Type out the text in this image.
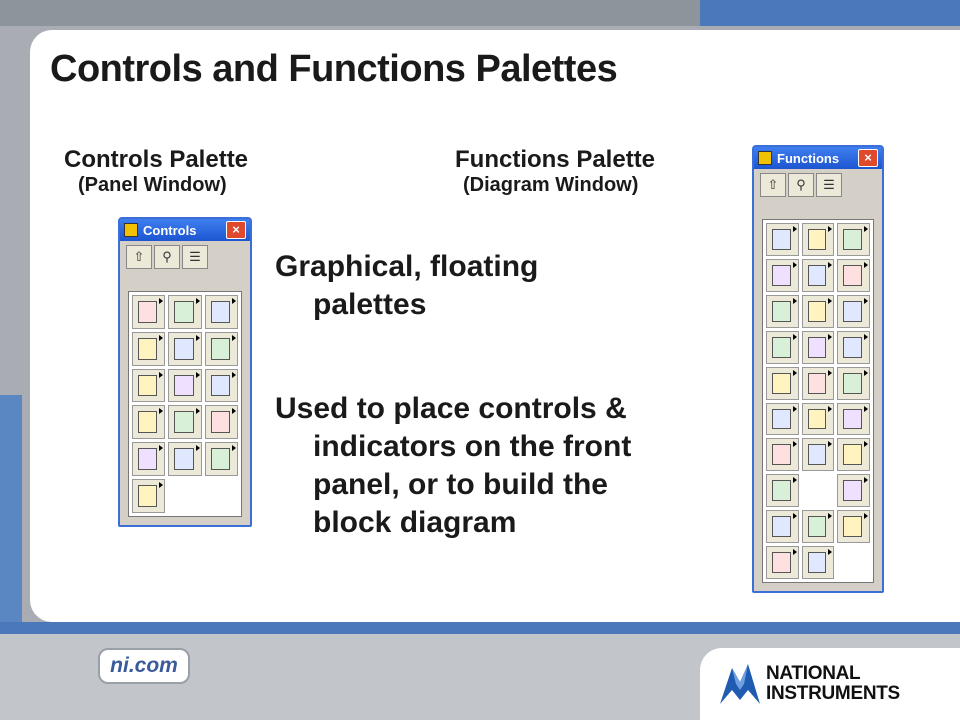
Controls and Functions Palettes
Controls Palette
(Panel Window)
Functions Palette
(Diagram Window)
Graphical, floating
palettes
Used to place controls &
indicators on the front
panel, or to build the
block diagram
Controls	×
⇧	⚲	☰
Functions	×
⇧	⚲	☰
ni.com	NATIONAL
INSTRUMENTS
